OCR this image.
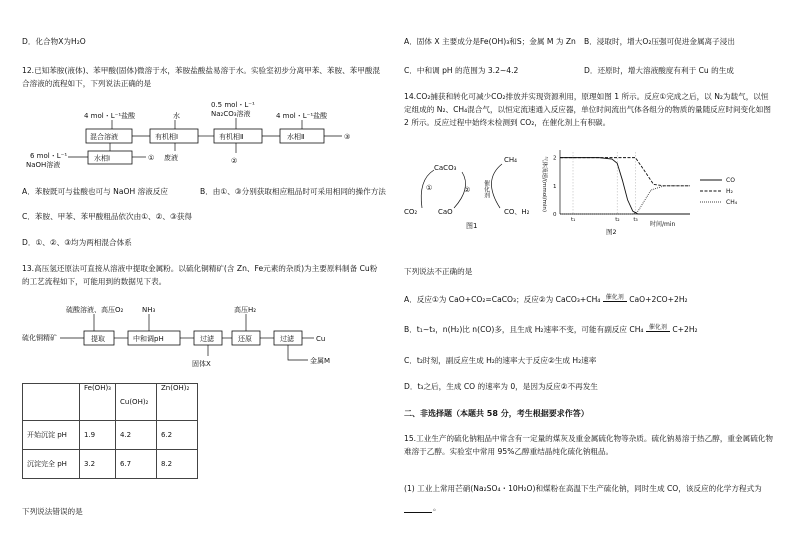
D．化合物X为H₂O
12.已知苯胺(液体)、苯甲酸(固体)微溶于水，苯胺盐酸盐易溶于水。实验室初步分离甲苯、苯胺、苯甲酸混合溶液的流程如下，下列说法正确的是
4 mol・L⁻¹盐酸	水
0.5 mol・L⁻¹
Na₂CO₃溶液	4 mol・L⁻¹盐酸
混合溶液	有机相Ⅰ	有机相Ⅱ	水相Ⅱ	③
废液	②
水相Ⅰ
6 mol・L⁻¹
NaOH溶液
①
A．苯胺既可与盐酸也可与 NaOH 溶液反应	B．由①、③分别获取相应粗品时可采用相同的操作方法
C．苯胺、甲苯、苯甲酸粗品依次由①、②、③获得
D．①、②、③均为两相混合体系
13.高压氢还原法可直接从溶液中提取金属粉。以硫化铜精矿(含 Zn、Fe元素的杂质)为主要原料制备 Cu粉的工艺流程如下，可能用到的数据见下表。
硫酸溶液、高压O₂	NH₃	高压H₂
硫化铜精矿	提取	中和调pH	过滤	还原	过滤	Cu
固体X	金属M
	Fe(OH)₃	Cu(OH)₂	Zn(OH)₂
开始沉淀 pH	1.9	4.2	6.2
沉淀完全 pH	3.2	6.7	8.2
下列说法错误的是
A．固体 X 主要成分是Fe(OH)₃和S；金属 M 为 Zn B．浸取时，增大O₂压强可促进金属离子浸出
C．中和调 pH 的范围为 3.2~4.2	D．还原时，增大溶液酸度有利于 Cu 的生成
14.CO₂捕获和转化可减少CO₂排放并实现资源利用，原理如图 1 所示。反应①完成之后，以 N₂为载气，以恒定组成的 N₂、CH₄混合气，以恒定流速通入反应器，单位时间流出气体各组分的物质的量随反应时间变化如图 2 所示。反应过程中始终未检测到 CO₂，在催化剂上有积碳。
CaCO₃
CH₄
①	② 催化剂
CO₂	CaO	CO、H₂
图1
气体流速/(mmol/min)
0
1
2
t₁	t₂	t₃
时间/min
图2
CO
H₂
CH₄
下列说法不正确的是
A．反应①为 CaO+CO₂=CaCO₃；反应②为 CaCO₃+CH₄ 催化剂 CaO+2CO+2H₂
B．t₁~t₃，n(H₂)比 n(CO)多，且生成 H₂速率不变，可能有副反应 CH₄ 催化剂 C+2H₂
C．t₂时刻，副反应生成 H₂的速率大于反应②生成 H₂速率
D．t₃之后，生成 CO 的速率为 0，是因为反应②不再发生
二、非选择题（本题共 58 分，考生根据要求作答）
15.工业生产的硫化钠粗品中常含有一定量的煤灰及重金属硫化物等杂质。硫化钠易溶于热乙醇，重金属硫化物难溶于乙醇。实验室中常用 95%乙醇重结晶纯化硫化钠粗品。
(1) 工业上常用芒硝(Na₂SO₄・10H₂O)和煤粉在高温下生产硫化钠，同时生成 CO，该反应的化学方程式为
。
